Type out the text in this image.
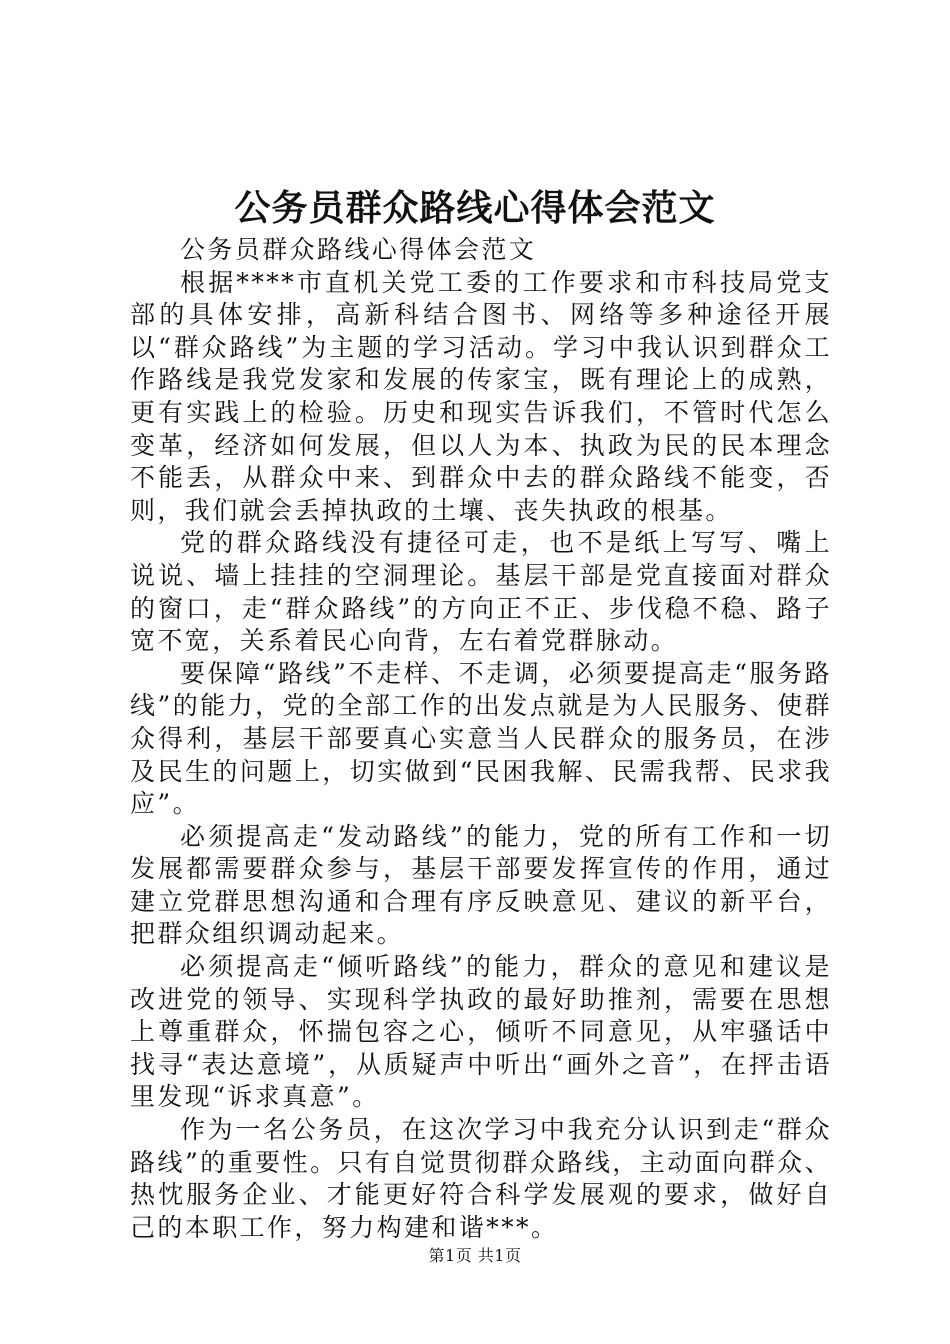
公务员群众路线心得体会范文

公务员群众路线心得体会范文

根据****市直机关党工委的工作要求和市科技局党支部的具体安排，高新科结合图书、网络等多种途径开展以“群众路线”为主题的学习活动。学习中我认识到群众工作路线是我党发家和发展的传家宝，既有理论上的成熟，更有实践上的检验。历史和现实告诉我们，不管时代怎么变革，经济如何发展，但以人为本、执政为民的民本理念不能丢，从群众中来、到群众中去的群众路线不能变，否则，我们就会丢掉执政的土壤、丧失执政的根基。

党的群众路线没有捷径可走，也不是纸上写写、嘴上说说、墙上挂挂的空洞理论。基层干部是党直接面对群众的窗口，走“群众路线”的方向正不正、步伐稳不稳、路子宽不宽，关系着民心向背，左右着党群脉动。

要保障“路线”不走样、不走调，必须要提高走“服务路线”的能力，党的全部工作的出发点就是为人民服务、使群众得利，基层干部要真心实意当人民群众的服务员，在涉及民生的问题上，切实做到“民困我解、民需我帮、民求我应”。

必须提高走“发动路线”的能力，党的所有工作和一切发展都需要群众参与，基层干部要发挥宣传的作用，通过建立党群思想沟通和合理有序反映意见、建议的新平台，把群众组织调动起来。

必须提高走“倾听路线”的能力，群众的意见和建议是改进党的领导、实现科学执政的最好助推剂，需要在思想上尊重群众，怀揣包容之心，倾听不同意见，从牢骚话中找寻“表达意境”，从质疑声中听出“画外之音”，在抨击语里发现“诉求真意”。

作为一名公务员，在这次学习中我充分认识到走“群众路线”的重要性。只有自觉贯彻群众路线，主动面向群众、热忱服务企业、才能更好符合科学发展观的要求，做好自己的本职工作，努力构建和谐***。

第1页 共1页
